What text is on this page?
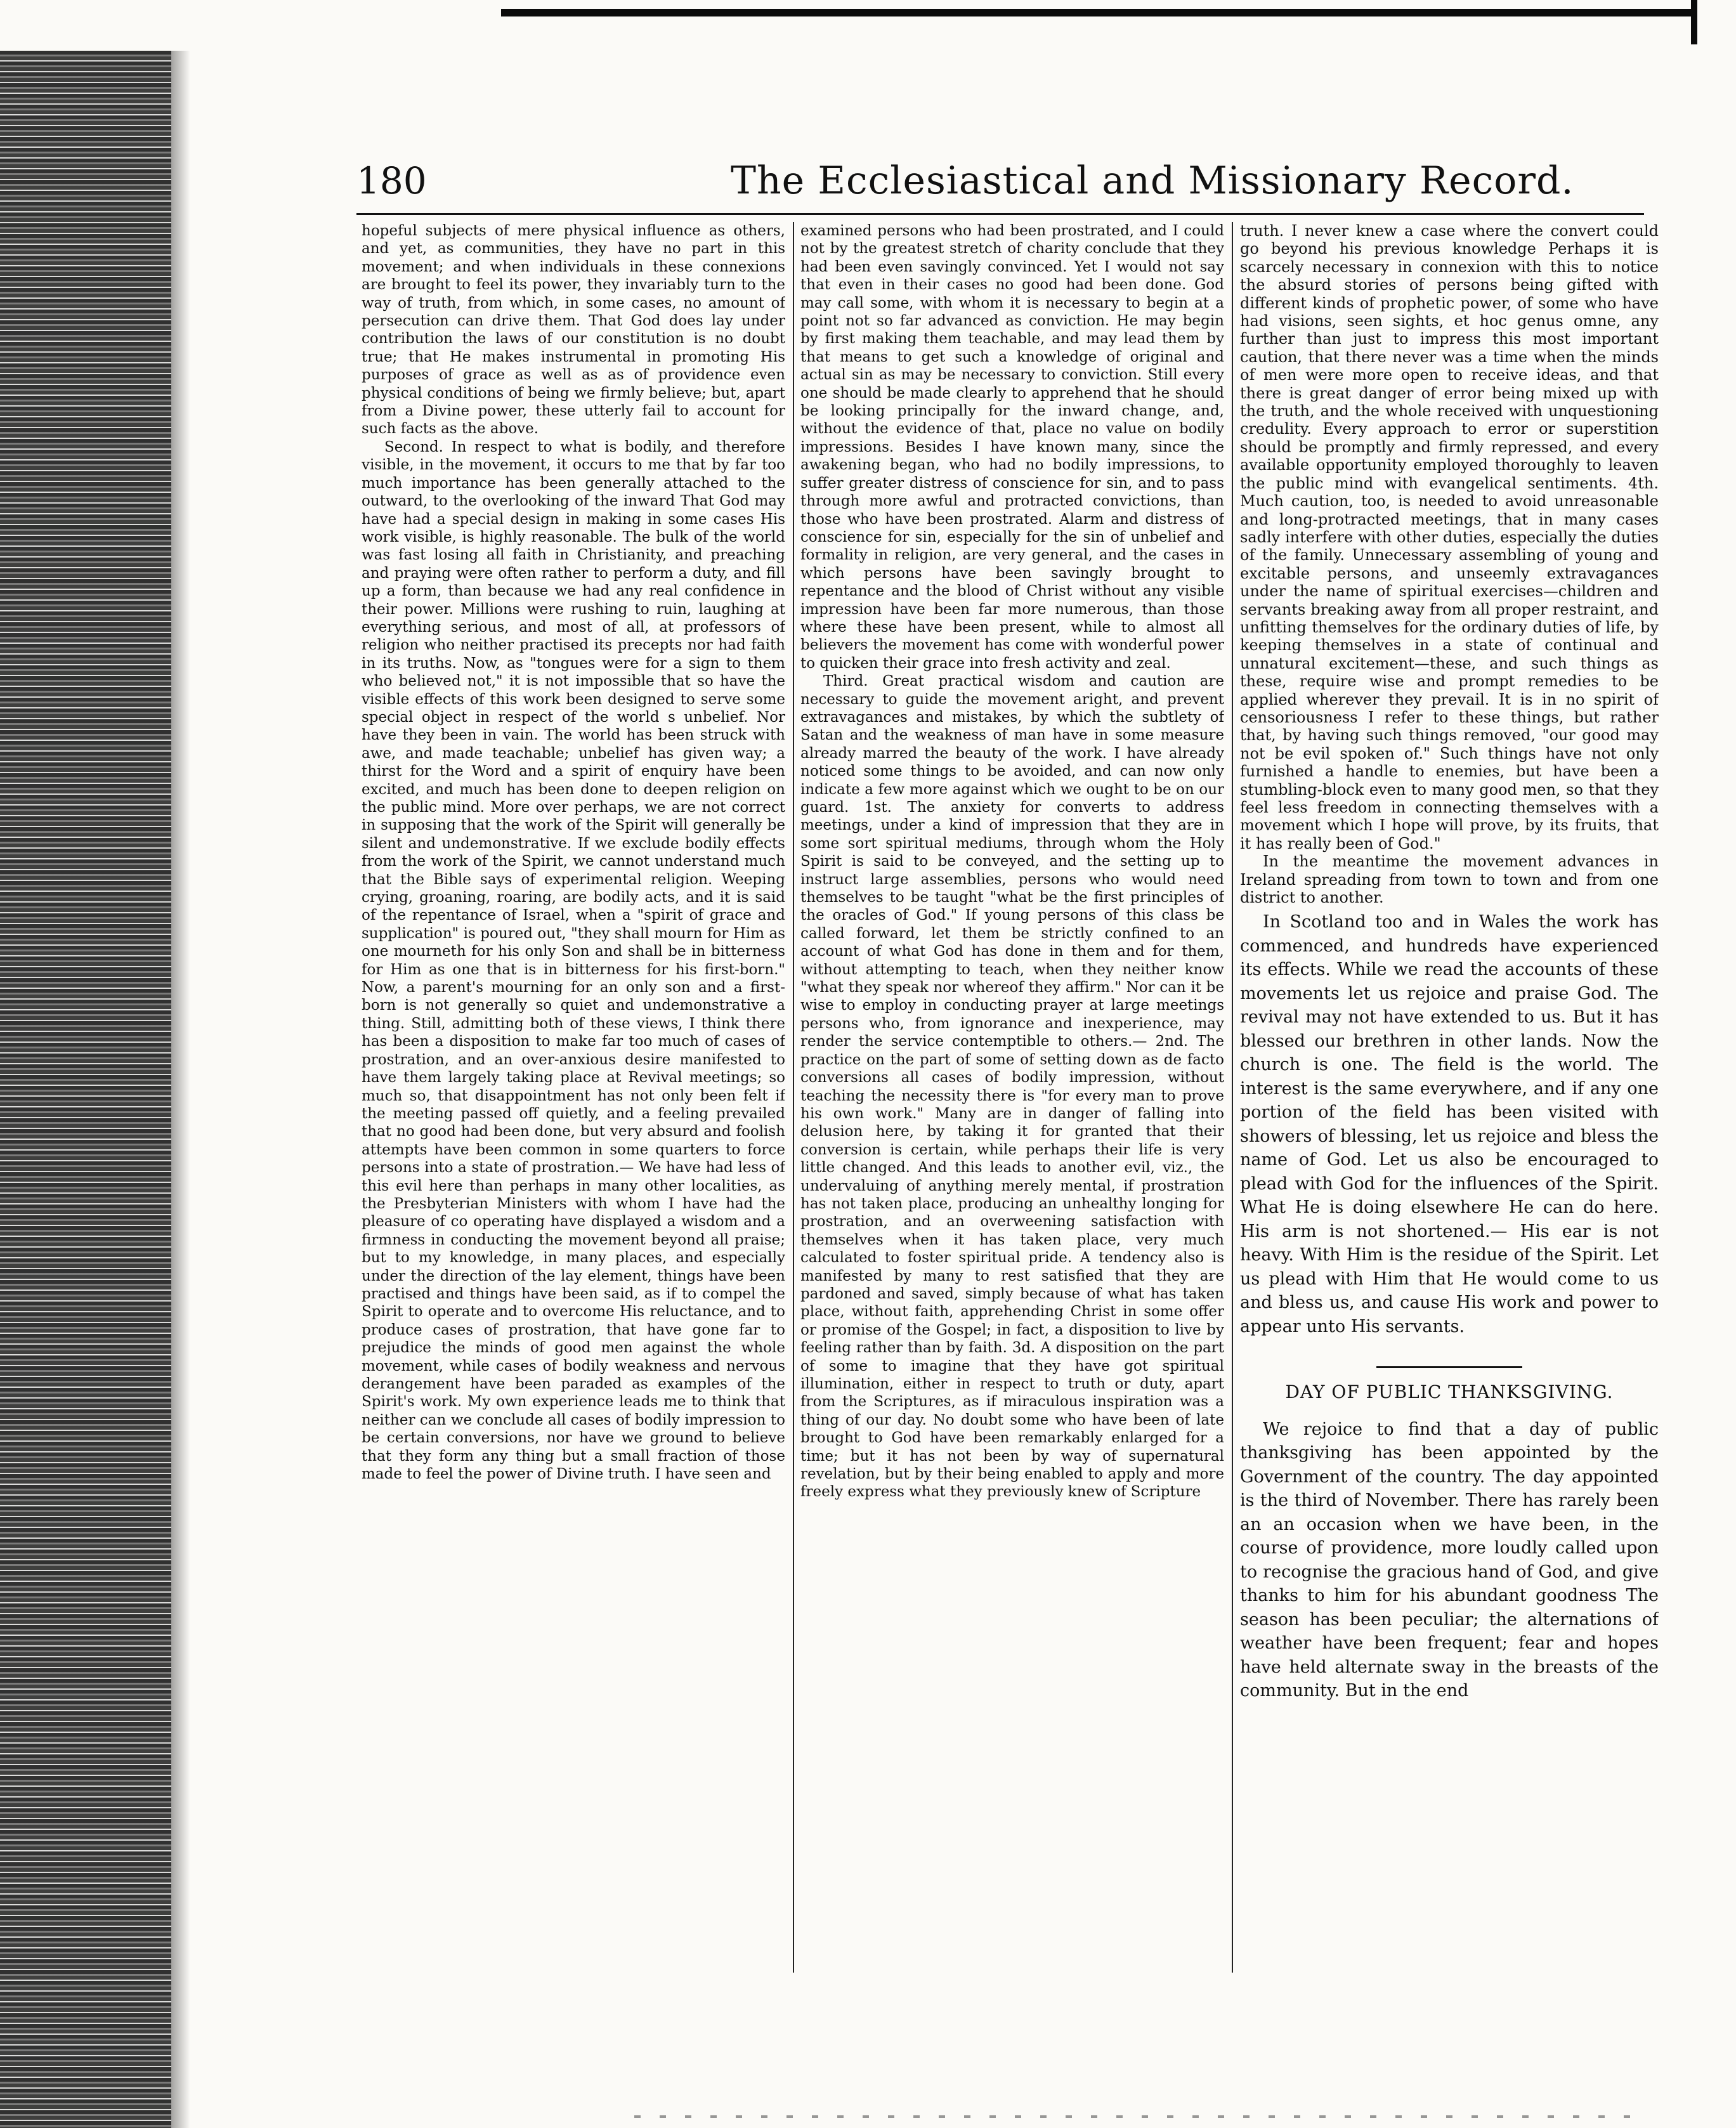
180	The Ecclesiastical and Missionary Record.

hopeful subjects of mere physical influence as others, and yet, as communities, they have no part in this movement; and when individuals in these connexions are brought to feel its power, they invariably turn to the way of truth, from which, in some cases, no amount of persecution can drive them. That God does lay under contribution the laws of our constitution is no doubt true; that He makes instrumental in promoting His purposes of grace as well as as of providence even physical conditions of being we firmly believe; but, apart from a Divine power, these utterly fail to account for such facts as the above.

Second. In respect to what is bodily, and therefore visible, in the movement, it occurs to me that by far too much importance has been generally attached to the outward, to the overlooking of the inward That God may have had a special design in making in some cases His work visible, is highly reasonable. The bulk of the world was fast losing all faith in Christianity, and preaching and praying were often rather to perform a duty, and fill up a form, than because we had any real confidence in their power. Millions were rushing to ruin, laughing at everything serious, and most of all, at professors of religion who neither practised its precepts nor had faith in its truths. Now, as "tongues were for a sign to them who believed not," it is not impossible that so have the visible effects of this work been designed to serve some special object in respect of the world s unbelief. Nor have they been in vain. The world has been struck with awe, and made teachable; unbelief has given way; a thirst for the Word and a spirit of enquiry have been excited, and much has been done to deepen religion on the public mind. More over perhaps, we are not correct in supposing that the work of the Spirit will generally be silent and undemonstrative. If we exclude bodily effects from the work of the Spirit, we cannot understand much that the Bible says of experimental religion. Weeping crying, groaning, roaring, are bodily acts, and it is said of the repentance of Israel, when a "spirit of grace and supplication" is poured out, "they shall mourn for Him as one mourneth for his only Son and shall be in bitterness for Him as one that is in bitterness for his first-born." Now, a parent's mourning for an only son and a first-born is not generally so quiet and undemonstrative a thing. Still, admitting both of these views, I think there has been a disposition to make far too much of cases of prostration, and an over-anxious desire manifested to have them largely taking place at Revival meetings; so much so, that disappointment has not only been felt if the meeting passed off quietly, and a feeling prevailed that no good had been done, but very absurd and foolish attempts have been common in some quarters to force persons into a state of prostration.— We have had less of this evil here than perhaps in many other localities, as the Presbyterian Ministers with whom I have had the pleasure of co operating have displayed a wisdom and a firmness in conducting the movement beyond all praise; but to my knowledge, in many places, and especially under the direction of the lay element, things have been practised and things have been said, as if to compel the Spirit to operate and to overcome His reluctance, and to produce cases of prostration, that have gone far to prejudice the minds of good men against the whole movement, while cases of bodily weakness and nervous derangement have been paraded as examples of the Spirit's work. My own experience leads me to think that neither can we conclude all cases of bodily impression to be certain conversions, nor have we ground to believe that they form any thing but a small fraction of those made to feel the power of Divine truth. I have seen and

examined persons who had been prostrated, and I could not by the greatest stretch of charity conclude that they had been even savingly convinced. Yet I would not say that even in their cases no good had been done. God may call some, with whom it is necessary to begin at a point not so far advanced as conviction. He may begin by first making them teachable, and may lead them by that means to get such a knowledge of original and actual sin as may be necessary to conviction. Still every one should be made clearly to apprehend that he should be looking principally for the inward change, and, without the evidence of that, place no value on bodily impressions. Besides I have known many, since the awakening began, who had no bodily impressions, to suffer greater distress of conscience for sin, and to pass through more awful and protracted convictions, than those who have been prostrated. Alarm and distress of conscience for sin, especially for the sin of unbelief and formality in religion, are very general, and the cases in which persons have been savingly brought to repentance and the blood of Christ without any visible impression have been far more numerous, than those where these have been present, while to almost all believers the movement has come with wonderful power to quicken their grace into fresh activity and zeal.

Third. Great practical wisdom and caution are necessary to guide the movement aright, and prevent extravagances and mistakes, by which the subtlety of Satan and the weakness of man have in some measure already marred the beauty of the work. I have already noticed some things to be avoided, and can now only indicate a few more against which we ought to be on our guard. 1st. The anxiety for converts to address meetings, under a kind of impression that they are in some sort spiritual mediums, through whom the Holy Spirit is said to be conveyed, and the setting up to instruct large assemblies, persons who would need themselves to be taught "what be the first principles of the oracles of God." If young persons of this class be called forward, let them be strictly confined to an account of what God has done in them and for them, without attempting to teach, when they neither know "what they speak nor whereof they affirm." Nor can it be wise to employ in conducting prayer at large meetings persons who, from ignorance and inexperience, may render the service contemptible to others.— 2nd. The practice on the part of some of setting down as de facto conversions all cases of bodily impression, without teaching the necessity there is "for every man to prove his own work." Many are in danger of falling into delusion here, by taking it for granted that their conversion is certain, while perhaps their life is very little changed. And this leads to another evil, viz., the undervaluing of anything merely mental, if prostration has not taken place, producing an unhealthy longing for prostration, and an overweening satisfaction with themselves when it has taken place, very much calculated to foster spiritual pride. A tendency also is manifested by many to rest satisfied that they are pardoned and saved, simply because of what has taken place, without faith, apprehending Christ in some offer or promise of the Gospel; in fact, a disposition to live by feeling rather than by faith. 3d. A disposition on the part of some to imagine that they have got spiritual illumination, either in respect to truth or duty, apart from the Scriptures, as if miraculous inspiration was a thing of our day. No doubt some who have been of late brought to God have been remarkably enlarged for a time; but it has not been by way of supernatural revelation, but by their being enabled to apply and more freely express what they previously knew of Scripture

truth. I never knew a case where the convert could go beyond his previous knowledge Perhaps it is scarcely necessary in connexion with this to notice the absurd stories of persons being gifted with different kinds of prophetic power, of some who have had visions, seen sights, et hoc genus omne, any further than just to impress this most important caution, that there never was a time when the minds of men were more open to receive ideas, and that there is great danger of error being mixed up with the truth, and the whole received with unquestioning credulity. Every approach to error or superstition should be promptly and firmly repressed, and every available opportunity employed thoroughly to leaven the public mind with evangelical sentiments. 4th. Much caution, too, is needed to avoid unreasonable and long-protracted meetings, that in many cases sadly interfere with other duties, especially the duties of the family. Unnecessary assembling of young and excitable persons, and unseemly extravagances under the name of spiritual exercises—children and servants breaking away from all proper restraint, and unfitting themselves for the ordinary duties of life, by keeping themselves in a state of continual and unnatural excitement—these, and such things as these, require wise and prompt remedies to be applied wherever they prevail. It is in no spirit of censoriousness I refer to these things, but rather that, by having such things removed, "our good may not be evil spoken of." Such things have not only furnished a handle to enemies, but have been a stumbling-block even to many good men, so that they feel less freedom in connecting themselves with a movement which I hope will prove, by its fruits, that it has really been of God."

In the meantime the movement advances in Ireland spreading from town to town and from one district to another.

In Scotland too and in Wales the work has commenced, and hundreds have experienced its effects. While we read the accounts of these movements let us rejoice and praise God. The revival may not have extended to us. But it has blessed our brethren in other lands. Now the church is one. The field is the world. The interest is the same everywhere, and if any one portion of the field has been visited with showers of blessing, let us rejoice and bless the name of God. Let us also be encouraged to plead with God for the influences of the Spirit. What He is doing elsewhere He can do here. His arm is not shortened.— His ear is not heavy. With Him is the residue of the Spirit. Let us plead with Him that He would come to us and bless us, and cause His work and power to appear unto His servants.

DAY OF PUBLIC THANKSGIVING.

We rejoice to find that a day of public thanksgiving has been appointed by the Government of the country. The day appointed is the third of November. There has rarely been an an occasion when we have been, in the course of providence, more loudly called upon to recognise the gracious hand of God, and give thanks to him for his abundant goodness The season has been peculiar; the alternations of weather have been frequent; fear and hopes have held alternate sway in the breasts of the community. But in the end
